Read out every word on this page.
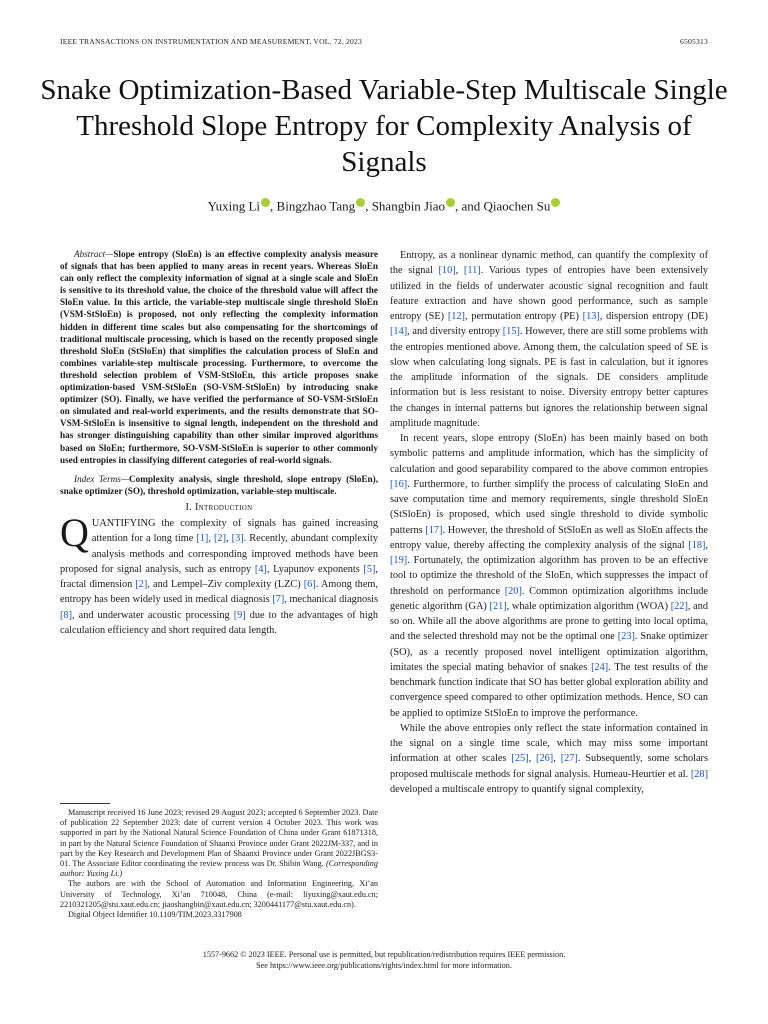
IEEE TRANSACTIONS ON INSTRUMENTATION AND MEASUREMENT, VOL. 72, 2023	6505313
Snake Optimization-Based Variable-Step Multiscale Single Threshold Slope Entropy for Complexity Analysis of Signals
Yuxing Li , Bingzhao Tang , Shangbin Jiao , and Qiaochen Su

Abstract—Slope entropy (SloEn) is an effective complexity analysis measure of signals that has been applied to many areas in recent years. Whereas SloEn can only reflect the complexity information of signal at a single scale and SloEn is sensitive to its threshold value, the choice of the threshold value will affect the SloEn value. In this article, the variable-step multiscale single threshold SloEn (VSM-StSloEn) is proposed, not only reflecting the complexity information hidden in different time scales but also compensating for the shortcomings of traditional multiscale processing, which is based on the recently proposed single threshold SloEn (StSloEn) that simplifies the calculation process of SloEn and combines variable-step multiscale processing. Furthermore, to overcome the threshold selection problem of VSM-StSloEn, this article proposes snake optimization-based VSM-StSloEn (SO-VSM-StSloEn) by introducing snake optimizer (SO). Finally, we have verified the performance of SO-VSM-StSloEn on simulated and real-world experiments, and the results demonstrate that SO-VSM-StSloEn is insensitive to signal length, independent on the threshold and has stronger distinguishing capability than other similar improved algorithms based on SloEn; furthermore, SO-VSM-StSloEn is superior to other commonly used entropies in classifying different categories of real-world signals.

Index Terms—Complexity analysis, single threshold, slope entropy (SloEn), snake optimizer (SO), threshold optimization, variable-step multiscale.

I. Introduction

QUANTIFYING the complexity of signals has gained increasing attention for a long time [1], [2], [3]. Recently, abundant complexity analysis methods and corresponding improved methods have been proposed for signal analysis, such as entropy [4], Lyapunov exponents [5], fractal dimension [2], and Lempel–Ziv complexity (LZC) [6]. Among them, entropy has been widely used in medical diagnosis [7], mechanical diagnosis [8], and underwater acoustic processing [9] due to the advantages of high calculation efficiency and short required data length.

Manuscript received 16 June 2023; revised 29 August 2023; accepted 6 September 2023. Date of publication 22 September 2023; date of current version 4 October 2023. This work was supported in part by the National Natural Science Foundation of China under Grant 61871318, in part by the Natural Science Foundation of Shaanxi Province under Grant 2022JM-337, and in part by the Key Research and Development Plan of Shaanxi Province under Grant 2022JBGS3-01. The Associate Editor coordinating the review process was Dr. Shibin Wang. (Corresponding author: Yuxing Li.)

The authors are with the School of Automation and Information Engineering, Xi’an University of Technology, Xi’an 710048, China (e-mail: liyuxing@xaut.edu.cn; 2210321205@stu.xaut.edu.cn; jiaoshangbin@xaut.edu.cn; 3200441177@stu.xaut.edu.cn).

Digital Object Identifier 10.1109/TIM.2023.3317908

Entropy, as a nonlinear dynamic method, can quantify the complexity of the signal [10], [11]. Various types of entropies have been extensively utilized in the fields of underwater acoustic signal recognition and fault feature extraction and have shown good performance, such as sample entropy (SE) [12], permutation entropy (PE) [13], dispersion entropy (DE) [14], and diversity entropy [15]. However, there are still some problems with the entropies mentioned above. Among them, the calculation speed of SE is slow when calculating long signals. PE is fast in calculation, but it ignores the amplitude information of the signals. DE considers amplitude information but is less resistant to noise. Diversity entropy better captures the changes in internal patterns but ignores the relationship between signal amplitude magnitude.

In recent years, slope entropy (SloEn) has been mainly based on both symbolic patterns and amplitude information, which has the simplicity of calculation and good separability compared to the above common entropies [16]. Furthermore, to further simplify the process of calculating SloEn and save computation time and memory requirements, single threshold SloEn (StSloEn) is proposed, which used single threshold to divide symbolic patterns [17]. However, the threshold of StSloEn as well as SloEn affects the entropy value, thereby affecting the complexity analysis of the signal [18], [19]. Fortunately, the optimization algorithm has proven to be an effective tool to optimize the threshold of the SloEn, which suppresses the impact of threshold on performance [20]. Common optimization algorithms include genetic algorithm (GA) [21], whale optimization algorithm (WOA) [22], and so on. While all the above algorithms are prone to getting into local optima, and the selected threshold may not be the optimal one [23]. Snake optimizer (SO), as a recently proposed novel intelligent optimization algorithm, imitates the special mating behavior of snakes [24]. The test results of the benchmark function indicate that SO has better global exploration ability and convergence speed compared to other optimization methods. Hence, SO can be applied to optimize StSloEn to improve the performance.

While the above entropies only reflect the state information contained in the signal on a single time scale, which may miss some important information at other scales [25], [26], [27]. Subsequently, some scholars proposed multiscale methods for signal analysis. Humeau-Heurtier et al. [28] developed a multiscale entropy to quantify signal complexity,

1557-9662 © 2023 IEEE. Personal use is permitted, but republication/redistribution requires IEEE permission.
See https://www.ieee.org/publications/rights/index.html for more information.
